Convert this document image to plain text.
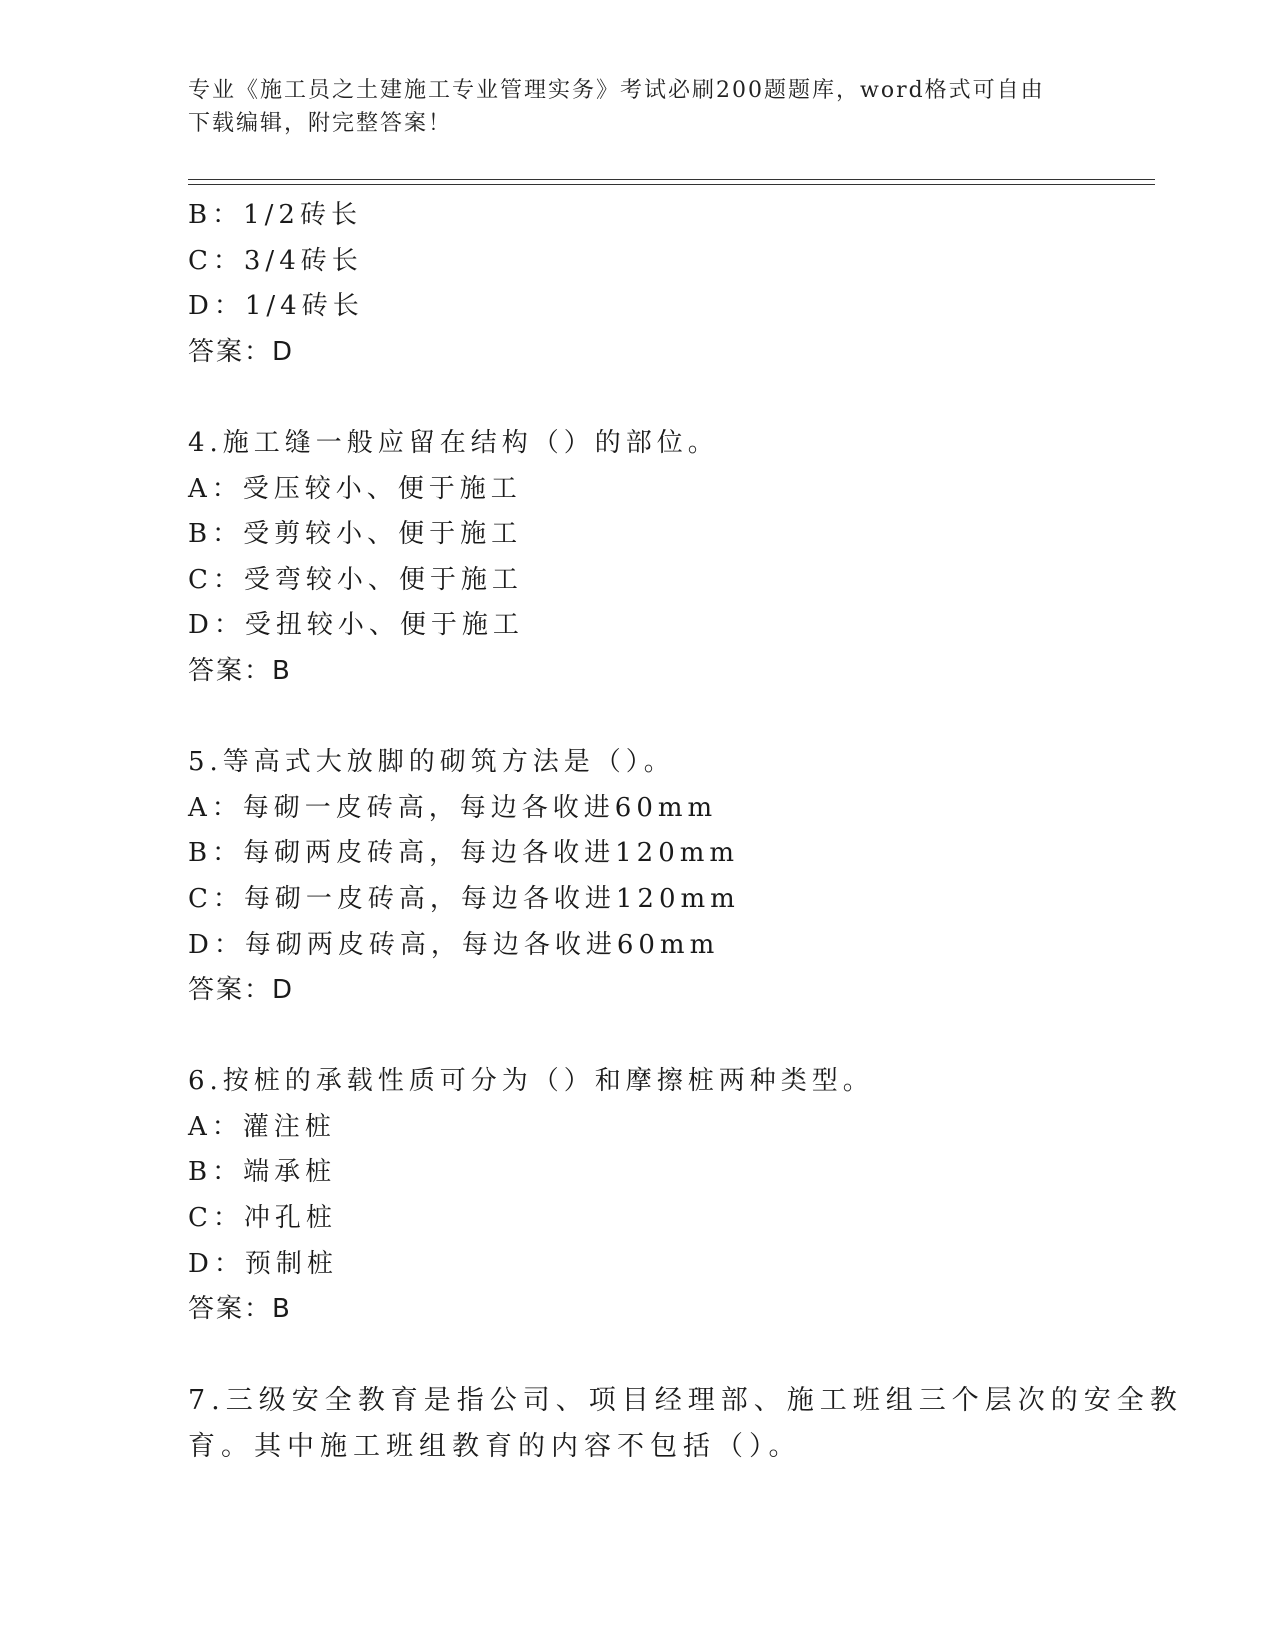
专业《施工员之土建施工专业管理实务》考试必刷200题题库，word格式可自由
下载编辑，附完整答案！
B：1/2砖长
C：3/4砖长
D：1/4砖长
答案：D
4.施工缝一般应留在结构（）的部位。
A：受压较小、便于施工
B：受剪较小、便于施工
C：受弯较小、便于施工
D：受扭较小、便于施工
答案：B
5.等高式大放脚的砌筑方法是（）。
A：每砌一皮砖高，每边各收进60mm
B：每砌两皮砖高，每边各收进120mm
C：每砌一皮砖高，每边各收进120mm
D：每砌两皮砖高，每边各收进60mm
答案：D
6.按桩的承载性质可分为（）和摩擦桩两种类型。
A：灌注桩
B：端承桩
C：冲孔桩
D：预制桩
答案：B
7.三级安全教育是指公司、项目经理部、施工班组三个层次的安全教
育。其中施工班组教育的内容不包括（）。
